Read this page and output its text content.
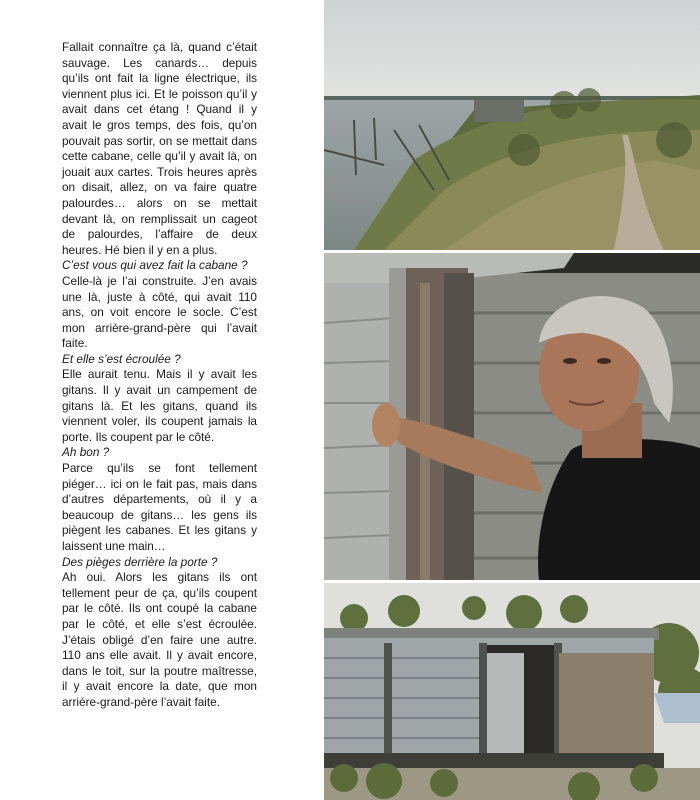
Fallait connaître ça là, quand c’était sauvage. Les canards… depuis qu’ils ont fait la ligne électrique, ils viennent plus ici. Et le poisson qu’il y avait dans cet étang ! Quand il y avait le gros temps, des fois, qu’on pouvait pas sortir, on se mettait dans cette cabane, celle qu’il y avait là, on jouait aux cartes. Trois heures après on disait, allez, on va faire quatre palourdes… alors on se mettait devant là, on remplissait un cageot de palourdes, l’affaire de deux heures. Hé bien il y en a plus.

C’est vous qui avez fait la cabane ?

Celle-là je l’ai construite. J’en avais une là, juste à côté, qui avait 110 ans, on voit encore le socle. C’est mon arrière-grand-père qui l’avait faite.

Et elle s’est écroulée ?

Elle aurait tenu. Mais il y avait les gitans. Il y avait un campement de gitans là. Et les gitans, quand ils viennent voler, ils coupent jamais la porte. Ils coupent par le côté.

Ah bon ?

Parce qu’ils se font tellement piéger… ici on le fait pas, mais dans d’autres départements, où il y a beaucoup de gitans… les gens ils piègent les cabanes. Et les gitans y laissent une main…

Des pièges derrière la porte ?

Ah oui. Alors les gitans ils ont tellement peur de ça, qu’ils coupent par le côté. Ils ont coupé la cabane par le côté, et elle s’est écroulée. J’étais obligé d’en faire une autre. 110 ans elle avait. Il y avait encore, dans le toit, sur la poutre maîtresse, il y avait encore la date, que mon arrière-grand-père l’avait faite.
